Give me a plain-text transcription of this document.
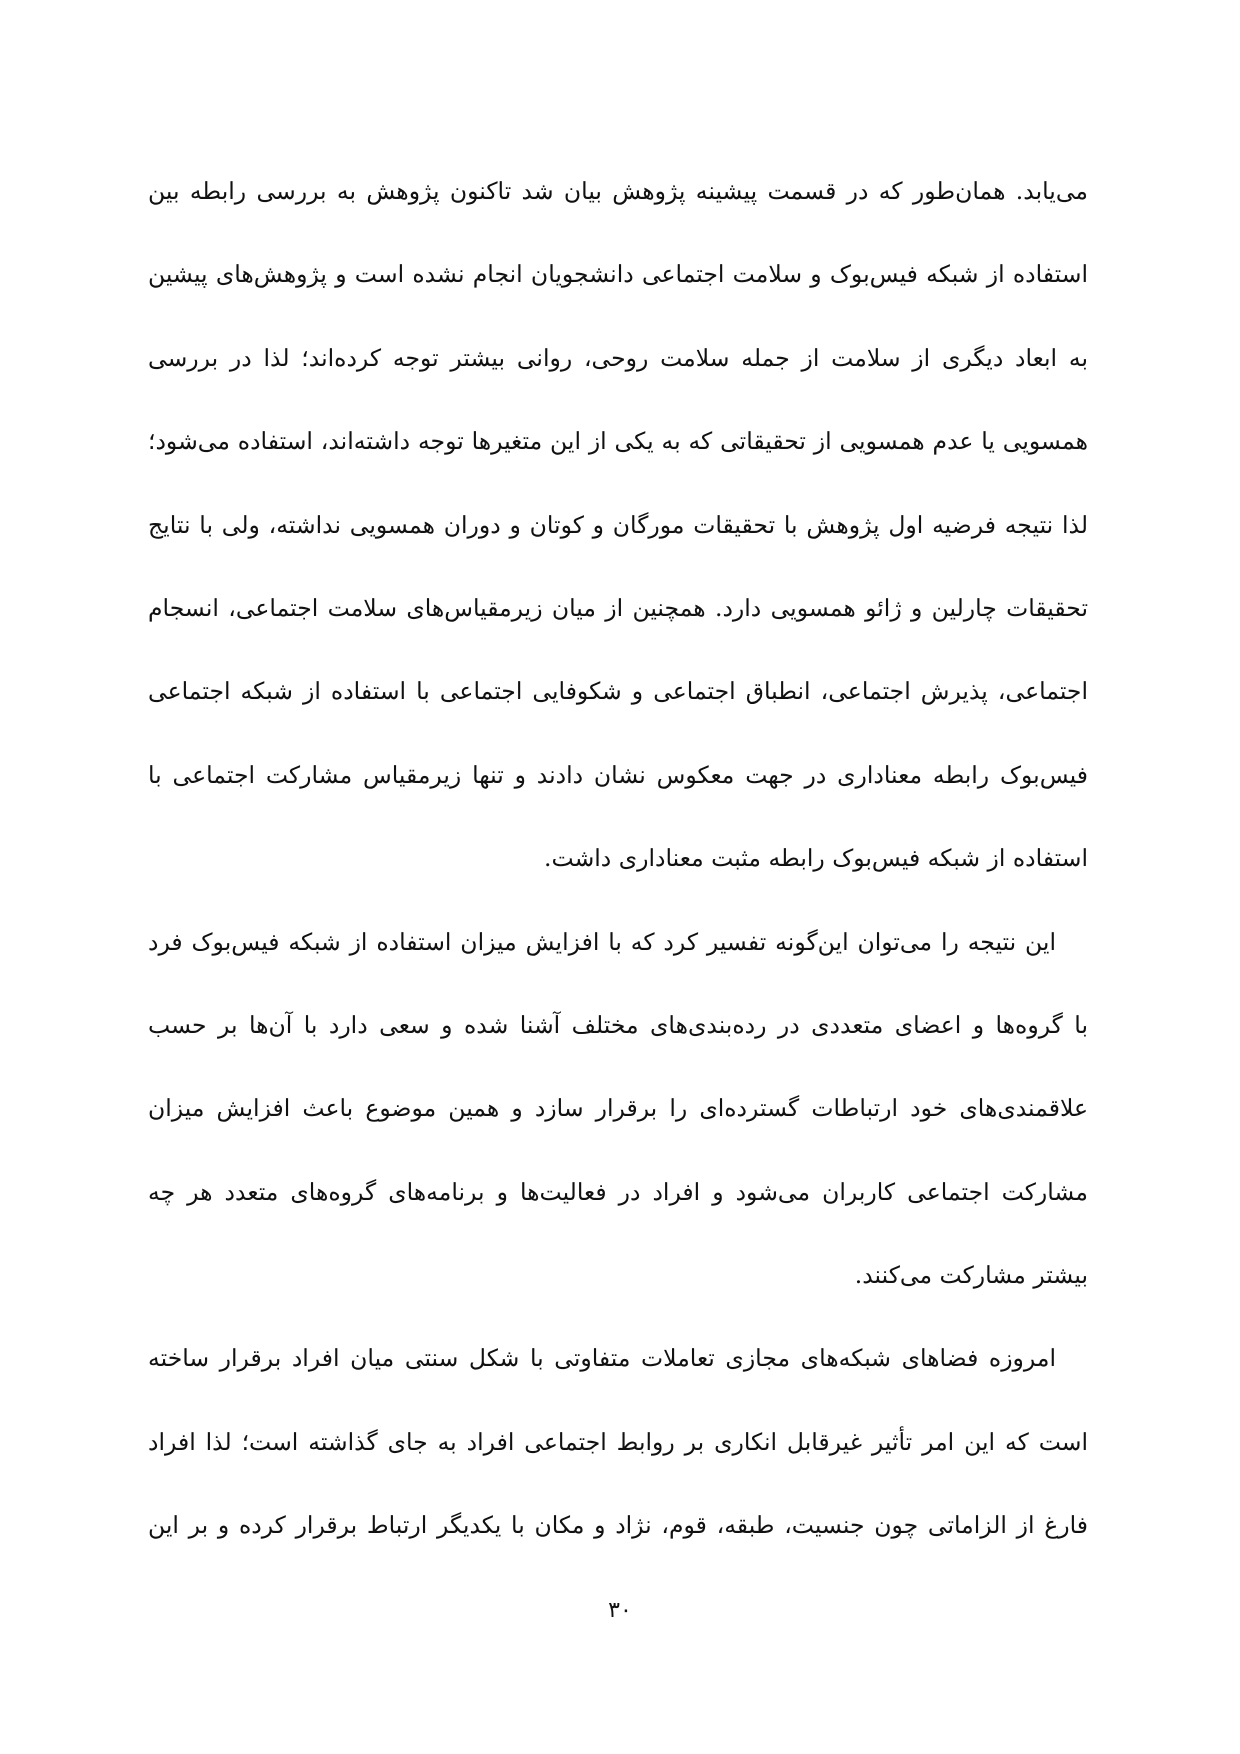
می‌یابد. همان‌طور که در قسمت پیشینه پژوهش بیان شد تاکنون پژوهش به بررسی رابطه بین
استفاده از شبکه فیس‌بوک و سلامت اجتماعی دانشجویان انجام نشده است و پژوهش‌های پیشین
به ابعاد دیگری از سلامت از جمله سلامت روحی، روانی بیشتر توجه کرده‌اند؛ لذا در بررسی
همسویی یا عدم همسویی از تحقیقاتی که به یکی از این متغیرها توجه داشته‌اند، استفاده می‌شود؛
لذا نتیجه فرضیه اول پژوهش با تحقیقات مورگان و کوتان و دوران همسویی نداشته، ولی با نتایج
تحقیقات چارلین و ژائو همسویی دارد. همچنین از میان زیرمقیاس‌های سلامت اجتماعی، انسجام
اجتماعی، پذیرش اجتماعی، انطباق اجتماعی و شکوفایی اجتماعی با استفاده از شبکه اجتماعی
فیس‌بوک رابطه معناداری در جهت معکوس نشان دادند و تنها زیرمقیاس مشارکت اجتماعی با
استفاده از شبکه فیس‌بوک رابطه مثبت معناداری داشت.
این نتیجه را می‌توان این‌گونه تفسیر کرد که با افزایش میزان استفاده از شبکه فیس‌بوک فرد
با گروه‌ها و اعضای متعددی در رده‌بندی‌های مختلف آشنا شده و سعی دارد با آن‌ها بر حسب
علاقمندی‌های خود ارتباطات گسترده‌ای را برقرار سازد و همین موضوع باعث افزایش میزان
مشارکت اجتماعی کاربران می‌شود و افراد در فعالیت‌ها و برنامه‌های گروه‌های متعدد هر چه
بیشتر مشارکت می‌کنند.
امروزه فضاهای شبکه‌های مجازی تعاملات متفاوتی با شکل سنتی میان افراد برقرار ساخته
است که این امر تأثیر غیرقابل انکاری بر روابط اجتماعی افراد به جای گذاشته است؛ لذا افراد
فارغ از الزاماتی چون جنسیت، طبقه، قوم، نژاد و مکان با یکدیگر ارتباط برقرار کرده و بر این
۳۰
